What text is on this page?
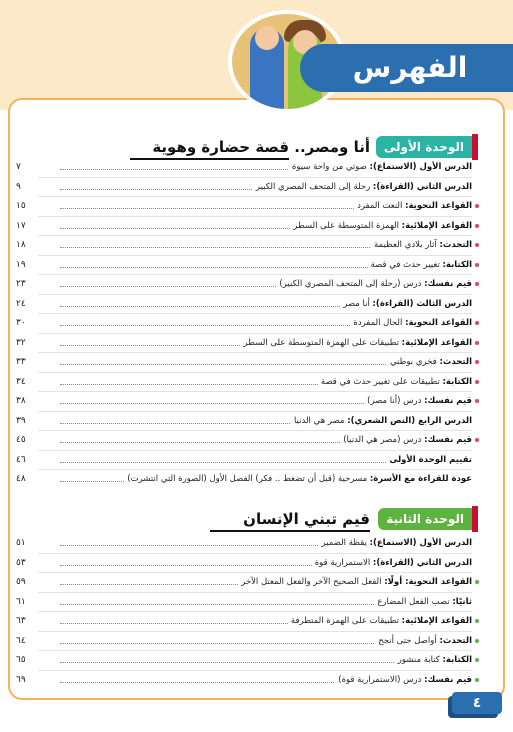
الفهرس
الوحدة الأولى
أنا ومصر.. قصة حضارة وهوية
الدرس الأول (الاستماع): صوتي من واحة سيوة
٧
الدرس الثاني (القراءة): رحلة إلى المتحف المصري الكبير
٩
القواعد النحوية: النعت المفرد
١٥
القواعد الإملائية: الهمزة المتوسطة على السطر
١٧
التحدث: آثار بلادي العظيمة
١٨
الكتابة: تغيير حدث في قصة
١٩
قيم نفسك: درس (رحلة إلى المتحف المصري الكبير)
٢٣
الدرس الثالث (القراءة): أنا مصر
٢٤
القواعد النحوية: الحال المفردة
٣٠
القواعد الإملائية: تطبيقات على الهمزة المتوسطة على السطر
٣٢
التحدث: فخري بوطني
٣٣
الكتابة: تطبيقات على تغيير حدث في قصة
٣٤
قيم نفسك: درس (أنا مصر)
٣٨
الدرس الرابع (النص الشعري): مصر هي الدنيا
٣٩
قيم نفسك: درس (مصر هي الدنيا)
٤٥
تقييم الوحدة الأولى
٤٦
عودة للقراءة مع الأسرة: مسرحية (قبل أن تضغط .. فكر) الفصل الأول (الصورة التي انتشرت)
٤٨
الوحدة الثانية
قيم تبني الإنسان
الدرس الأول (الاستماع): يقظة الضمير
٥١
الدرس الثاني (القراءة): الاستمرارية قوة
٥٣
القواعد النحوية: أولًا: الفعل الصحيح الآخر والفعل المعتل الآخر
٥٩
ثانيًا: نصب الفعل المضارع
٦١
القواعد الإملائية: تطبيقات على الهمزة المتطرفة
٦٣
التحدث: أواصل حتى أنجح
٦٤
الكتابة: كتابة منشور
٦٥
قيم نفسك: درس (الاستمرارية قوة)
٦٩
٤
